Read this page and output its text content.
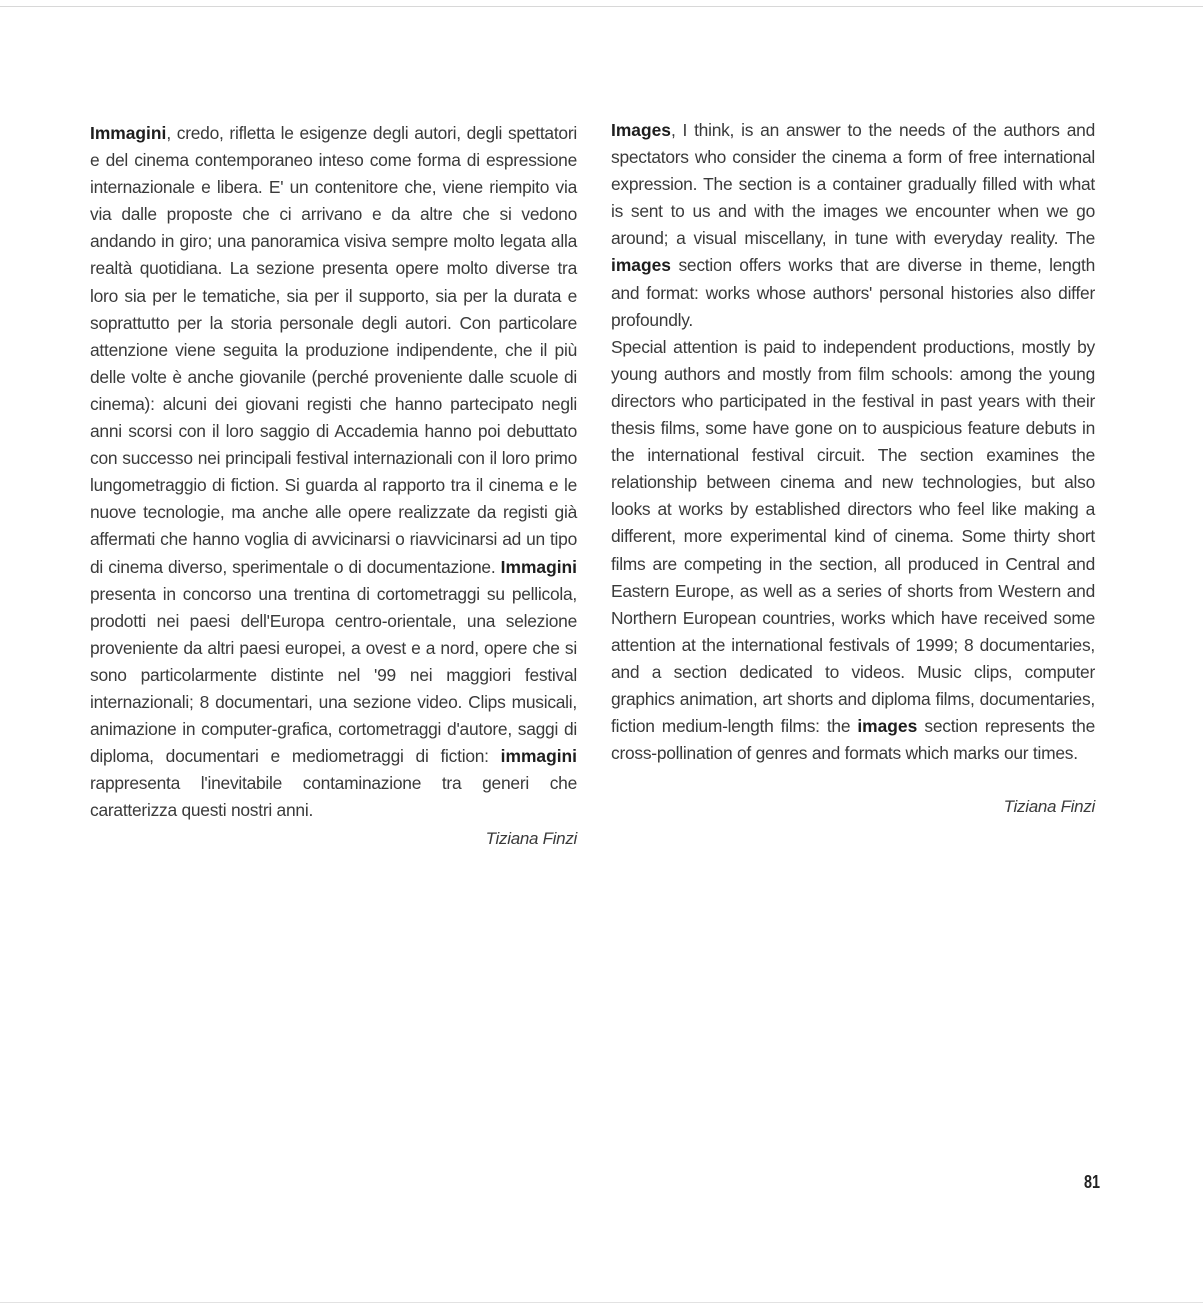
Immagini, credo, rifletta le esigenze degli autori, degli spettatori e del cinema contemporaneo inteso come forma di espressione internazionale e libera. E' un contenitore che, viene riempito via via dalle proposte che ci arrivano e da altre che si vedono andando in giro; una panoramica visiva sempre molto legata alla realtà quotidiana. La sezione presenta opere molto diverse tra loro sia per le tematiche, sia per il supporto, sia per la durata e soprattutto per la storia personale degli autori. Con particolare attenzione viene seguita la produzione indipendente, che il più delle volte è anche giovanile (perché proveniente dalle scuole di cinema): alcuni dei giovani registi che hanno partecipato negli anni scorsi con il loro saggio di Accademia hanno poi debuttato con successo nei principali festival internazionali con il loro primo lungometraggio di fiction. Si guarda al rapporto tra il cinema e le nuove tecnologie, ma anche alle opere realizzate da registi già affermati che hanno voglia di avvicinarsi o riavvicinarsi ad un tipo di cinema diverso, sperimentale o di documentazione. Immagini presenta in concorso una trentina di cortometraggi su pellicola, prodotti nei paesi dell'Europa centro-orientale, una selezione proveniente da altri paesi europei, a ovest e a nord, opere che si sono particolarmente distinte nel '99 nei maggiori festival internazionali; 8 documentari, una sezione video. Clips musicali, animazione in computer-grafica, cortometraggi d'autore, saggi di diploma, documentari e mediometraggi di fiction: immagini rappresenta l'inevitabile contaminazione tra generi che caratterizza questi nostri anni.

Tiziana Finzi

Images, I think, is an answer to the needs of the authors and spectators who consider the cinema a form of free international expression. The section is a container gradually filled with what is sent to us and with the images we encounter when we go around; a visual miscellany, in tune with everyday reality. The images section offers works that are diverse in theme, length and format: works whose authors' personal histories also differ profoundly.

Special attention is paid to independent productions, mostly by young authors and mostly from film schools: among the young directors who participated in the festival in past years with their thesis films, some have gone on to auspicious feature debuts in the international festival circuit. The section examines the relationship between cinema and new technologies, but also looks at works by established directors who feel like making a different, more experimental kind of cinema. Some thirty short films are competing in the section, all produced in Central and Eastern Europe, as well as a series of shorts from Western and Northern European countries, works which have received some attention at the international festivals of 1999; 8 documentaries, and a section dedicated to videos. Music clips, computer graphics animation, art shorts and diploma films, documentaries, fiction medium-length films: the images section represents the cross-pollination of genres and formats which marks our times.

Tiziana Finzi
81
